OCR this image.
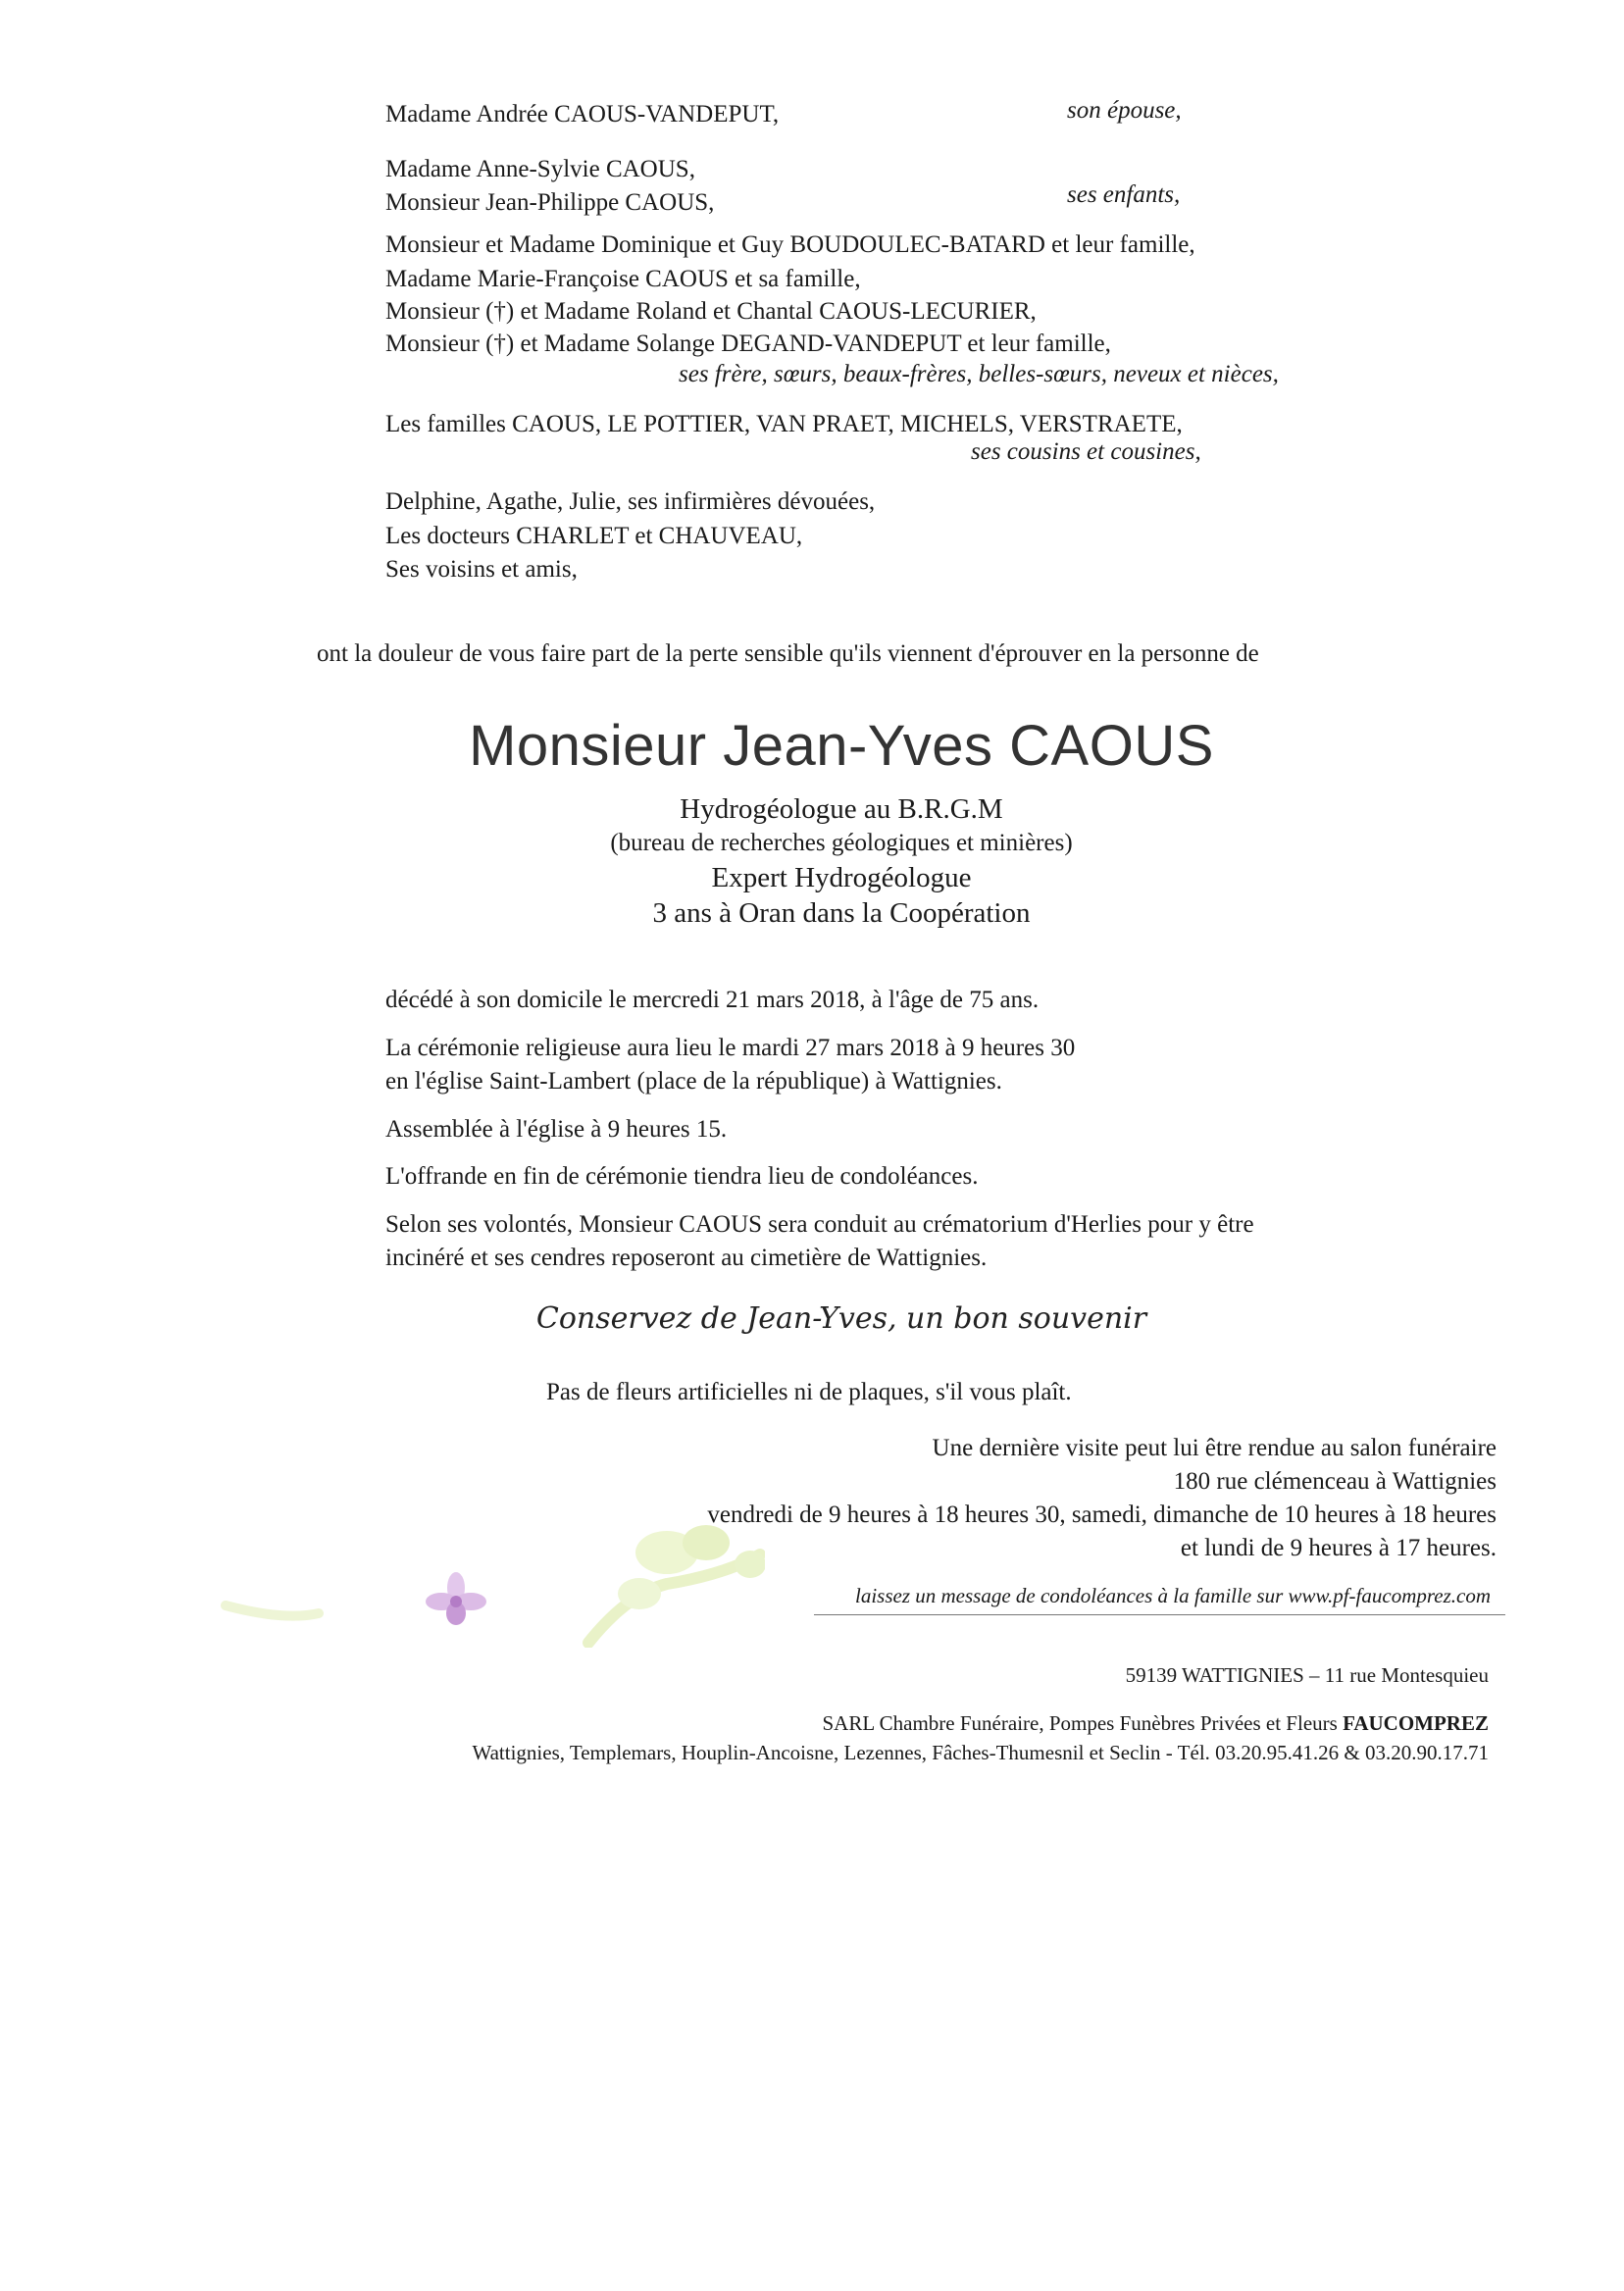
Madame Andrée CAOUS-VANDEPUT,	son épouse,
Madame Anne-Sylvie CAOUS,
Monsieur Jean-Philippe CAOUS,	ses enfants,
Monsieur et Madame Dominique et Guy BOUDOULEC-BATARD et leur famille,
Madame Marie-Françoise CAOUS et sa famille,
Monsieur (†) et Madame Roland et Chantal CAOUS-LECURIER,
Monsieur (†) et Madame Solange DEGAND-VANDEPUT et leur famille,
ses frère, sœurs, beaux-frères, belles-sœurs, neveux et nièces,
Les familles CAOUS, LE POTTIER, VAN PRAET, MICHELS, VERSTRAETE,
ses cousins et cousines,
Delphine, Agathe, Julie, ses infirmières dévouées,
Les docteurs CHARLET et CHAUVEAU,
Ses voisins et amis,
ont la douleur de vous faire part de la perte sensible qu'ils viennent d'éprouver en la personne de
Monsieur Jean-Yves CAOUS
Hydrogéologue au B.R.G.M
(bureau de recherches géologiques et minières)
Expert Hydrogéologue
3 ans à Oran dans la Coopération
décédé à son domicile le mercredi 21 mars 2018, à l'âge de 75 ans.
La cérémonie religieuse aura lieu le mardi 27 mars 2018 à 9 heures 30
en l'église Saint-Lambert (place de la république) à Wattignies.
Assemblée à l'église à 9 heures 15.
L'offrande en fin de cérémonie tiendra lieu de condoléances.
Selon ses volontés, Monsieur CAOUS sera conduit au crématorium d'Herlies pour y être
incinéré et ses cendres reposeront au cimetière de Wattignies.
Conservez de Jean-Yves, un bon souvenir
Pas de fleurs artificielles ni de plaques, s'il vous plaît.
Une dernière visite peut lui être rendue au salon funéraire
180 rue clémenceau à Wattignies
vendredi de 9 heures à 18 heures 30, samedi, dimanche de 10 heures à 18 heures
et lundi de 9 heures à 17 heures.
laissez un message de condoléances à la famille sur www.pf-faucomprez.com
59139 WATTIGNIES – 11 rue Montesquieu
SARL Chambre Funéraire, Pompes Funèbres Privées et Fleurs FAUCOMPREZ
Wattignies, Templemars, Houplin-Ancoisne, Lezennes, Fâches-Thumesnil et Seclin - Tél. 03.20.95.41.26 & 03.20.90.17.71
